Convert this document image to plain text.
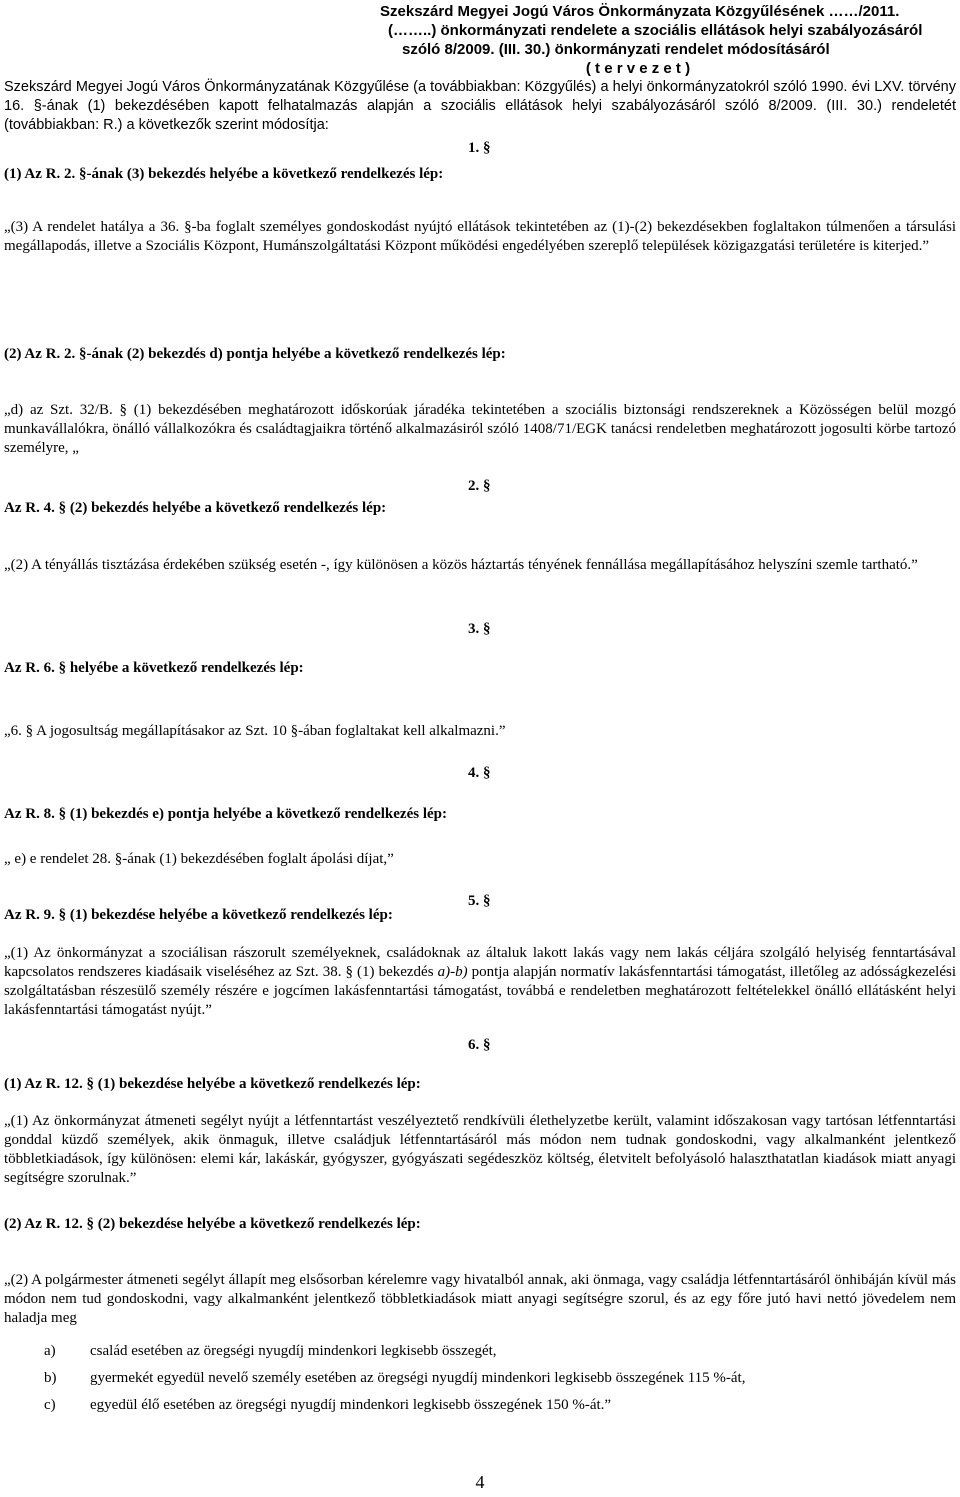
Szekszárd Megyei Jogú Város Önkormányzata Közgyűlésének ……/2011.
(……..) önkormányzati rendelete a szociális ellátások helyi szabályozásáról
szóló 8/2009. (III. 30.) önkormányzati rendelet módosításáról
( t e r v e z e t )
Szekszárd Megyei Jogú Város Önkormányzatának Közgyűlése (a továbbiakban: Közgyűlés) a helyi önkormányzatokról szóló 1990. évi LXV. törvény 16. §-ának (1) bekezdésében kapott felhatalmazás alapján a szociális ellátások helyi szabályozásáról szóló 8/2009. (III. 30.) rendeletét (továbbiakban: R.) a következők szerint módosítja:
1. §
(1) Az R. 2. §-ának (3) bekezdés helyébe a következő rendelkezés lép:
„(3) A rendelet hatálya a 36. §-ba foglalt személyes gondoskodást nyújtó ellátások tekintetében az (1)-(2) bekezdésekben foglaltakon túlmenően a társulási megállapodás, illetve a Szociális Központ, Humánszolgáltatási Központ működési engedélyében szereplő települések közigazgatási területére is kiterjed.”
(2) Az R. 2. §-ának (2) bekezdés d) pontja helyébe a következő rendelkezés lép:
„d) az Szt. 32/B. § (1) bekezdésében meghatározott időskorúak járadéka tekintetében a szociális biztonsági rendszereknek a Közösségen belül mozgó munkavállalókra, önálló vállalkozókra és családtagjaikra történő alkalmazásiról szóló 1408/71/EGK tanácsi rendeletben meghatározott jogosulti körbe tartozó személyre, „
2. §
Az R. 4. § (2) bekezdés helyébe a következő rendelkezés lép:
„(2) A tényállás tisztázása érdekében szükség esetén -, így különösen a közös háztartás tényének fennállása megállapításához helyszíni szemle tartható.”
3. §
Az R. 6. § helyébe a következő rendelkezés lép:
„6. § A jogosultság megállapításakor az Szt. 10 §-ában foglaltakat kell alkalmazni.”
4. §
Az R. 8. § (1) bekezdés e) pontja helyébe a következő rendelkezés lép:
„ e) e rendelet 28. §-ának (1) bekezdésében foglalt ápolási díjat,”
5. §
Az R. 9. § (1) bekezdése helyébe a következő rendelkezés lép:
„(1) Az önkormányzat a szociálisan rászorult személyeknek, családoknak az általuk lakott lakás vagy nem lakás céljára szolgáló helyiség fenntartásával kapcsolatos rendszeres kiadásaik viseléséhez az Szt. 38. § (1) bekezdés a)-b) pontja alapján normatív lakásfenntartási támogatást, illetőleg az adósságkezelési szolgáltatásban részesülő személy részére e jogcímen lakásfenntartási támogatást, továbbá e rendeletben meghatározott feltételekkel önálló ellátásként helyi lakásfenntartási támogatást nyújt.”
6. §
(1) Az R. 12. § (1) bekezdése helyébe a következő rendelkezés lép:
„(1) Az önkormányzat átmeneti segélyt nyújt a létfenntartást veszélyeztető rendkívüli élethelyzetbe került, valamint időszakosan vagy tartósan létfenntartási gonddal küzdő személyek, akik önmaguk, illetve családjuk létfenntartásáról más módon nem tudnak gondoskodni, vagy alkalmanként jelentkező többletkiadások, így különösen: elemi kár, lakáskár, gyógyszer, gyógyászati segédeszköz költség, életvitelt befolyásoló halaszthatatlan kiadások miatt anyagi segítségre szorulnak.”
(2) Az R. 12. § (2) bekezdése helyébe a következő rendelkezés lép:
„(2) A polgármester átmeneti segélyt állapít meg elsősorban kérelemre vagy hivatalból annak, aki önmaga, vagy családja létfenntartásáról önhibáján kívül más módon nem tud gondoskodni, vagy alkalmanként jelentkező többletkiadások miatt anyagi segítségre szorul, és az egy főre jutó havi nettó jövedelem nem haladja meg
a) család esetében az öregségi nyugdíj mindenkori legkisebb összegét,
b) gyermekét egyedül nevelő személy esetében az öregségi nyugdíj mindenkori legkisebb összegének 115 %-át,
c) egyedül élő esetében az öregségi nyugdíj mindenkori legkisebb összegének 150 %-át.”
4
